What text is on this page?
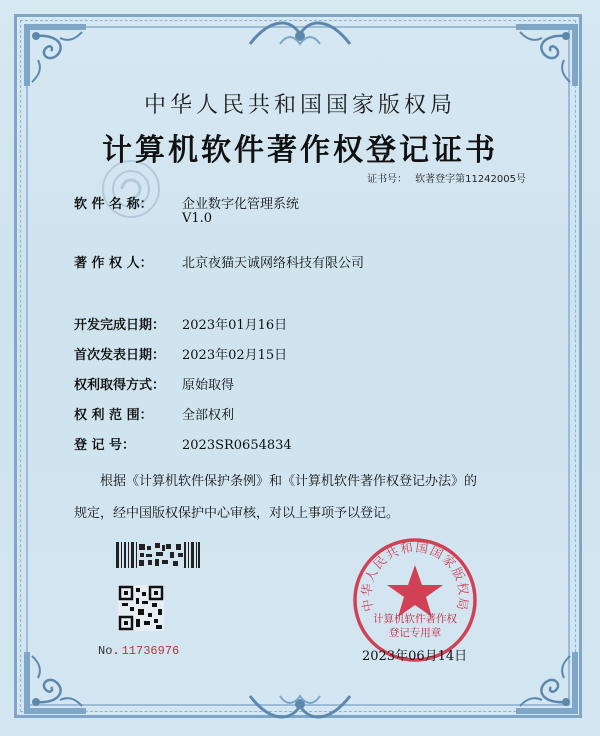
中华人民共和国国家版权局
计算机软件著作权登记证书
证书号： 软著登字第11242005号
软 件 名 称： 企业数字化管理系统
V1.0
著 作 权 人： 北京夜猫天诚网络科技有限公司
开发完成日期： 2023年01月16日
首次发表日期： 2023年02月15日
权利取得方式： 原始取得
权 利 范 围： 全部权利
登 记 号：	2023SR0654834
根据《计算机软件保护条例》和《计算机软件著作权登记办法》的
规定，经中国版权保护中心审核，对以上事项予以登记。
No. 11736976
中华人民共和国国家版权局
计算机软件著作权
登记专用章
2023年06月14日
